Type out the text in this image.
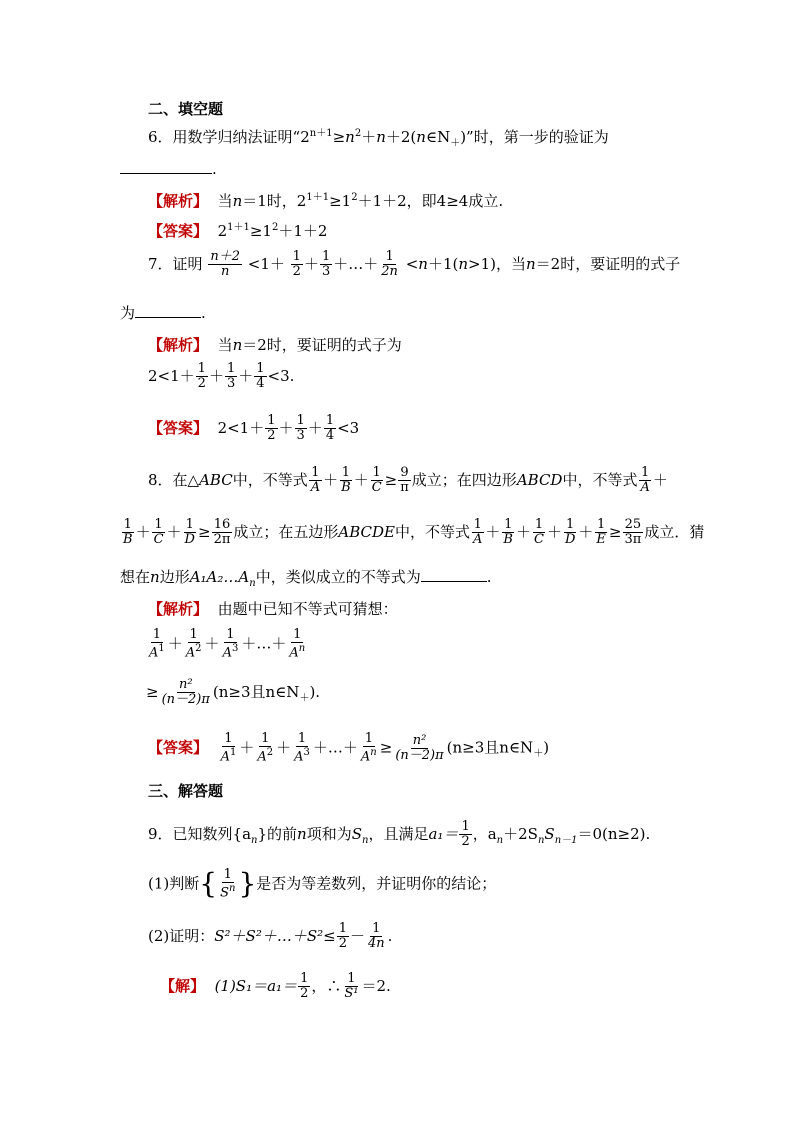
二、填空题
6．用数学归纳法证明“$2^{n+1}\ge n^2+n+2(n\in N_+)$”时，第一步的验证为
.
【解析】 当n＝1时，$2^{1+1}\ge 1^2+1+2$，即4≥4成立.
【答案】 $2^{1+1}\ge 1^2+1+2$
7．证明 $\frac{n+2}{n} <1+ \frac{1}{2} + \frac{1}{3}$ ＋…＋ $\frac{1}{2n} <n+1(n>1)$，当n＝2时，要证明的式子
为	.
【解析】 当n＝2时，要证明的式子为
$2<1+ \frac{1}{2} + \frac{1}{3} + \frac{1}{4} <3$.
【答案】 $2<1+ \frac{1}{2} + \frac{1}{3} + \frac{1}{4} <3$
8．在△ABC中，不等式 $\frac{1}{A} + \frac{1}{B} + \frac{1}{C} \ge \frac{9}{\pi}$ 成立；在四边形ABCD中，不等式 $\frac{1}{A}$ ＋
$\frac{1}{B} + \frac{1}{C} + \frac{1}{D} \ge \frac{16}{2\pi}$ 成立；在五边形ABCDE中，不等式 $\frac{1}{A} + \frac{1}{B} + \frac{1}{C} + \frac{1}{D} + \frac{1}{E} \ge \frac{25}{3\pi}$ 成立．猜
想在n边形$A_1A_2\dots A_n$中，类似成立的不等式为	.
【解析】 由题中已知不等式可猜想：
$\frac{1}{A^1} + \frac{1}{A^2} + \frac{1}{A^3}$ ＋…＋ $\frac{1}{A^n}$
≥ $\frac{\text{n²}}{(n-2)\pi} (n\ge 3$且$n\in N_+$).
【答案】 $\frac{1}{A^1} + \frac{1}{A^2} + \frac{1}{A^3}$ ＋…＋ $\frac{1}{A^n} \ge \frac{\text{n²}}{(n-2)\pi} (n\ge 3$且$n\in N_+$)
三、解答题
9．已知数列$\{a_n\}$的前n项和为$S_n$，且满足$a_1= \frac{1}{2}$ ，$a_n+2S_nS_{n-1}=0(n\ge 2)$.
(1)判断{ $\frac{1}{S^n}$ }是否为等差数列，并证明你的结论；
(2)证明：S²＋S²＋…＋S²≤ $\frac{1}{2} - \frac{1}{4n}$ .
【解】 $(1)S_1=a_1= \frac{1}{2}$ ，∴ $\frac{1}{\text{S¹}} =2$.
